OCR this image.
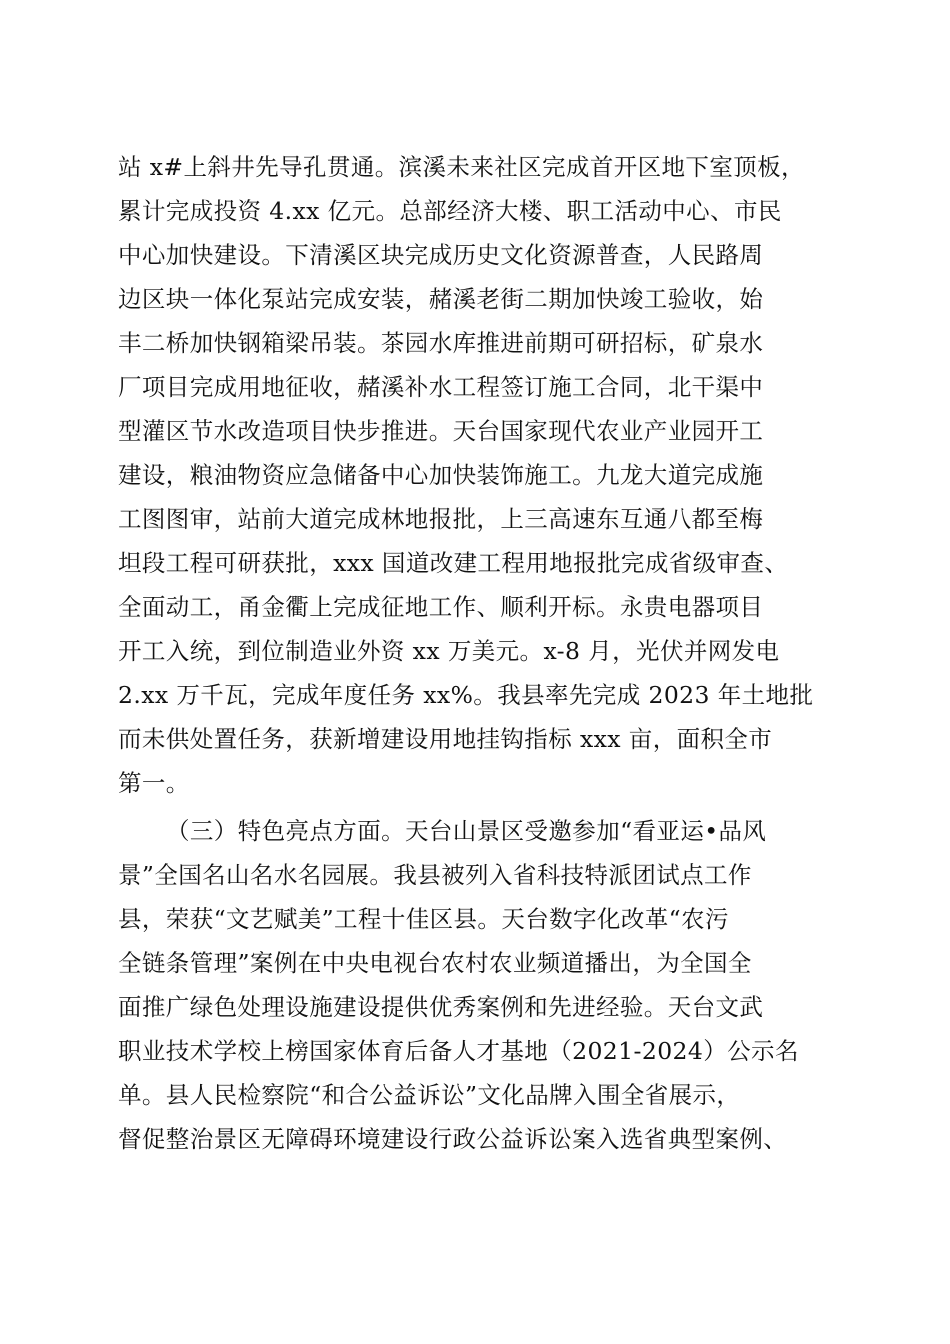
站 x#上斜井先导孔贯通。滨溪未来社区完成首开区地下室顶板，
累计完成投资 4.xx 亿元。总部经济大楼、职工活动中心、市民
中心加快建设。下清溪区块完成历史文化资源普查，人民路周
边区块一体化泵站完成安装，赭溪老街二期加快竣工验收，始
丰二桥加快钢箱梁吊装。茶园水库推进前期可研招标，矿泉水
厂项目完成用地征收，赭溪补水工程签订施工合同，北干渠中
型灌区节水改造项目快步推进。天台国家现代农业产业园开工
建设，粮油物资应急储备中心加快装饰施工。九龙大道完成施
工图图审，站前大道完成林地报批，上三高速东互通八都至梅
坦段工程可研获批，xxx 国道改建工程用地报批完成省级审查、
全面动工，甬金衢上完成征地工作、顺利开标。永贵电器项目
开工入统，到位制造业外资 xx 万美元。x-8 月，光伏并网发电
2.xx 万千瓦，完成年度任务 xx%。我县率先完成 2023 年土地批
而未供处置任务，获新增建设用地挂钩指标 xxx 亩，面积全市
第一。
（三）特色亮点方面。天台山景区受邀参加“看亚运•品风
景”全国名山名水名园展。我县被列入省科技特派团试点工作
县，荣获“文艺赋美”工程十佳区县。天台数字化改革“农污
全链条管理”案例在中央电视台农村农业频道播出，为全国全
面推广绿色处理设施建设提供优秀案例和先进经验。天台文武
职业技术学校上榜国家体育后备人才基地（2021-2024）公示名
单。县人民检察院“和合公益诉讼”文化品牌入围全省展示，
督促整治景区无障碍环境建设行政公益诉讼案入选省典型案例、
